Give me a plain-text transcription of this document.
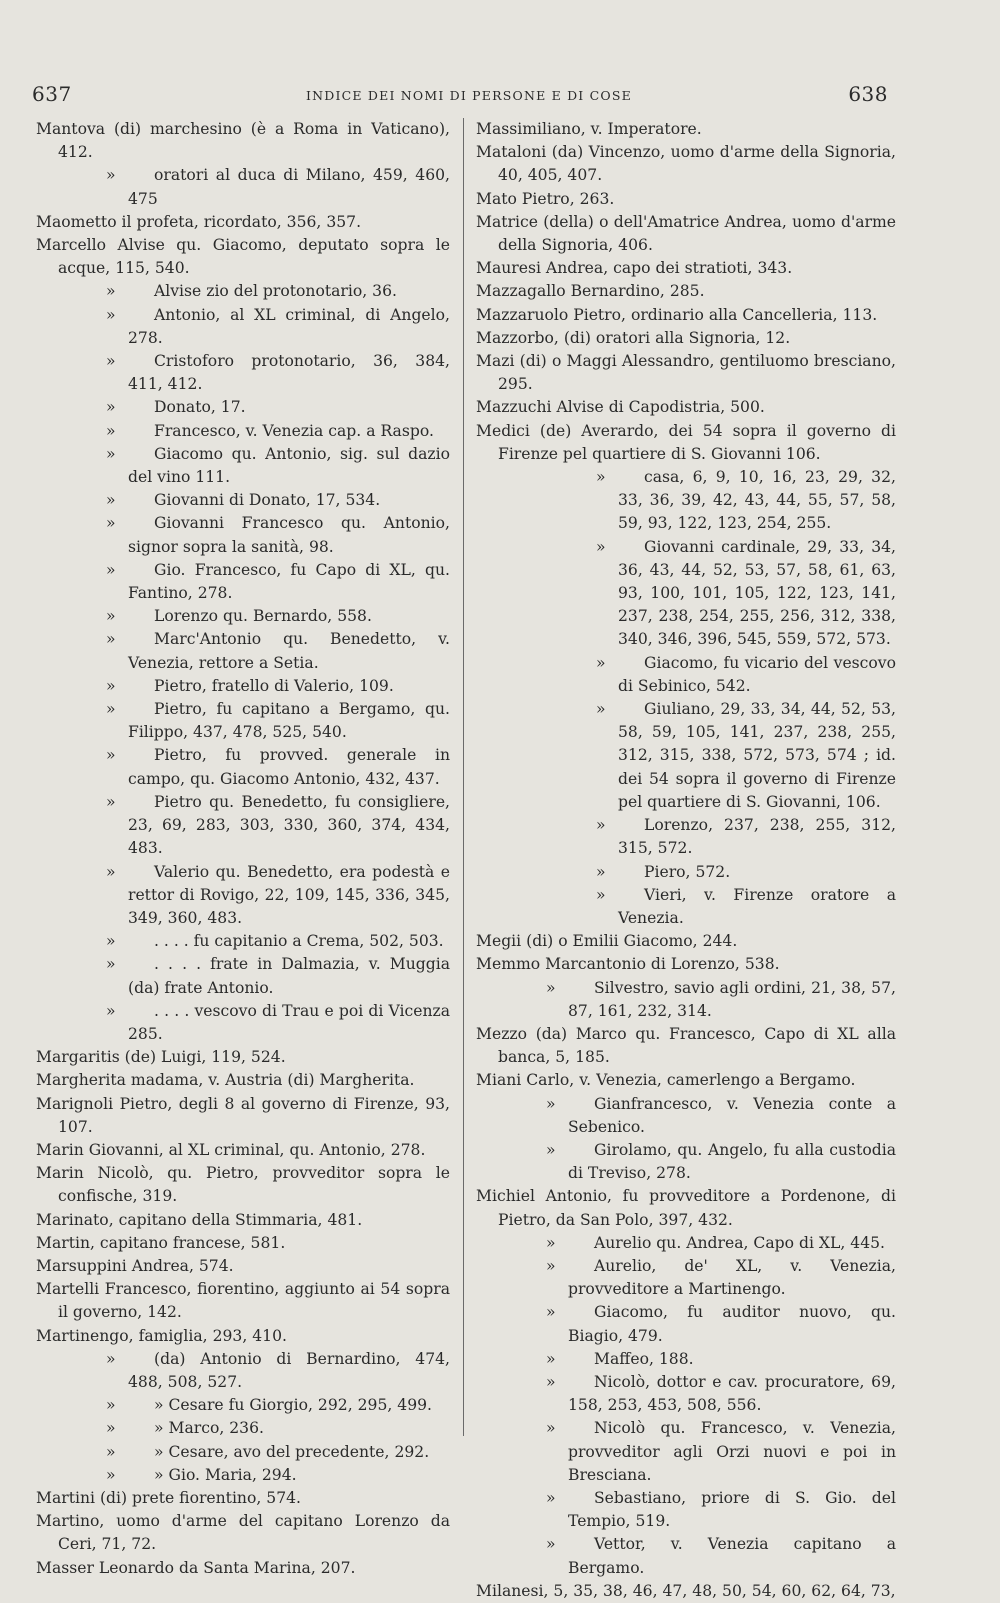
637	INDICE DEI NOMI DI PERSONE E DI COSE	638

Mantova (di) marchesino (è a Roma in Vaticano), 412.

» oratori al duca di Milano, 459, 460, 475

Maometto il profeta, ricordato, 356, 357.

Marcello Alvise qu. Giacomo, deputato sopra le acque, 115, 540.

» Alvise zio del protonotario, 36.

» Antonio, al XL criminal, di Angelo, 278.

» Cristoforo protonotario, 36, 384, 411, 412.

» Donato, 17.

» Francesco, v. Venezia cap. a Raspo.

» Giacomo qu. Antonio, sig. sul dazio del vino 111.

» Giovanni di Donato, 17, 534.

» Giovanni Francesco qu. Antonio, signor sopra la sanità, 98.

» Gio. Francesco, fu Capo di XL, qu. Fantino, 278.

» Lorenzo qu. Bernardo, 558.

» Marc'Antonio qu. Benedetto, v. Venezia, rettore a Setia.

» Pietro, fratello di Valerio, 109.

» Pietro, fu capitano a Bergamo, qu. Filippo, 437, 478, 525, 540.

» Pietro, fu provved. generale in campo, qu. Giacomo Antonio, 432, 437.

» Pietro qu. Benedetto, fu consigliere, 23, 69, 283, 303, 330, 360, 374, 434, 483.

» Valerio qu. Benedetto, era podestà e rettor di Rovigo, 22, 109, 145, 336, 345, 349, 360, 483.

» . . . . fu capitanio a Crema, 502, 503.

» . . . . frate in Dalmazia, v. Muggia (da) frate Antonio.

» . . . . vescovo di Trau e poi di Vicenza 285.

Margaritis (de) Luigi, 119, 524.

Margherita madama, v. Austria (di) Margherita.

Marignoli Pietro, degli 8 al governo di Firenze, 93, 107.

Marin Giovanni, al XL criminal, qu. Antonio, 278.

Marin Nicolò, qu. Pietro, provveditor sopra le confische, 319.

Marinato, capitano della Stimmaria, 481.

Martin, capitano francese, 581.

Marsuppini Andrea, 574.

Martelli Francesco, fiorentino, aggiunto ai 54 sopra il governo, 142.

Martinengo, famiglia, 293, 410.

» (da) Antonio di Bernardino, 474, 488, 508, 527.

» » Cesare fu Giorgio, 292, 295, 499.

» » Marco, 236.

» » Cesare, avo del precedente, 292.

» » Gio. Maria, 294.

Martini (di) prete fiorentino, 574.

Martino, uomo d'arme del capitano Lorenzo da Ceri, 71, 72.

Masser Leonardo da Santa Marina, 207.

Massimiliano, v. Imperatore.

Mataloni (da) Vincenzo, uomo d'arme della Signoria, 40, 405, 407.

Mato Pietro, 263.

Matrice (della) o dell'Amatrice Andrea, uomo d'arme della Signoria, 406.

Mauresi Andrea, capo dei stratioti, 343.

Mazzagallo Bernardino, 285.

Mazzaruolo Pietro, ordinario alla Cancelleria, 113.

Mazzorbo, (di) oratori alla Signoria, 12.

Mazi (di) o Maggi Alessandro, gentiluomo bresciano, 295.

Mazzuchi Alvise di Capodistria, 500.

Medici (de) Averardo, dei 54 sopra il governo di Firenze pel quartiere di S. Giovanni 106.

» casa, 6, 9, 10, 16, 23, 29, 32, 33, 36, 39, 42, 43, 44, 55, 57, 58, 59, 93, 122, 123, 254, 255.

» Giovanni cardinale, 29, 33, 34, 36, 43, 44, 52, 53, 57, 58, 61, 63, 93, 100, 101, 105, 122, 123, 141, 237, 238, 254, 255, 256, 312, 338, 340, 346, 396, 545, 559, 572, 573.

» Giacomo, fu vicario del vescovo di Sebinico, 542.

» Giuliano, 29, 33, 34, 44, 52, 53, 58, 59, 105, 141, 237, 238, 255, 312, 315, 338, 572, 573, 574 ; id. dei 54 sopra il governo di Firenze pel quartiere di S. Giovanni, 106.

» Lorenzo, 237, 238, 255, 312, 315, 572.

» Piero, 572.

» Vieri, v. Firenze oratore a Venezia.

Megii (di) o Emilii Giacomo, 244.

Memmo Marcantonio di Lorenzo, 538.

» Silvestro, savio agli ordini, 21, 38, 57, 87, 161, 232, 314.

Mezzo (da) Marco qu. Francesco, Capo di XL alla banca, 5, 185.

Miani Carlo, v. Venezia, camerlengo a Bergamo.

» Gianfrancesco, v. Venezia conte a Sebenico.

» Girolamo, qu. Angelo, fu alla custodia di Treviso, 278.

Michiel Antonio, fu provveditore a Pordenone, di Pietro, da San Polo, 397, 432.

» Aurelio qu. Andrea, Capo di XL, 445.

» Aurelio, de' XL, v. Venezia, provveditore a Martinengo.

» Giacomo, fu auditor nuovo, qu. Biagio, 479.

» Maffeo, 188.

» Nicolò, dottor e cav. procuratore, 69, 158, 253, 453, 508, 556.

» Nicolò qu. Francesco, v. Venezia, provveditor agli Orzi nuovi e poi in Bresciana.

» Sebastiano, priore di S. Gio. del Tempio, 519.

» Vettor, v. Venezia capitano a Bergamo.

Milanesi, 5, 35, 38, 46, 47, 48, 50, 54, 60, 62, 64, 73,
